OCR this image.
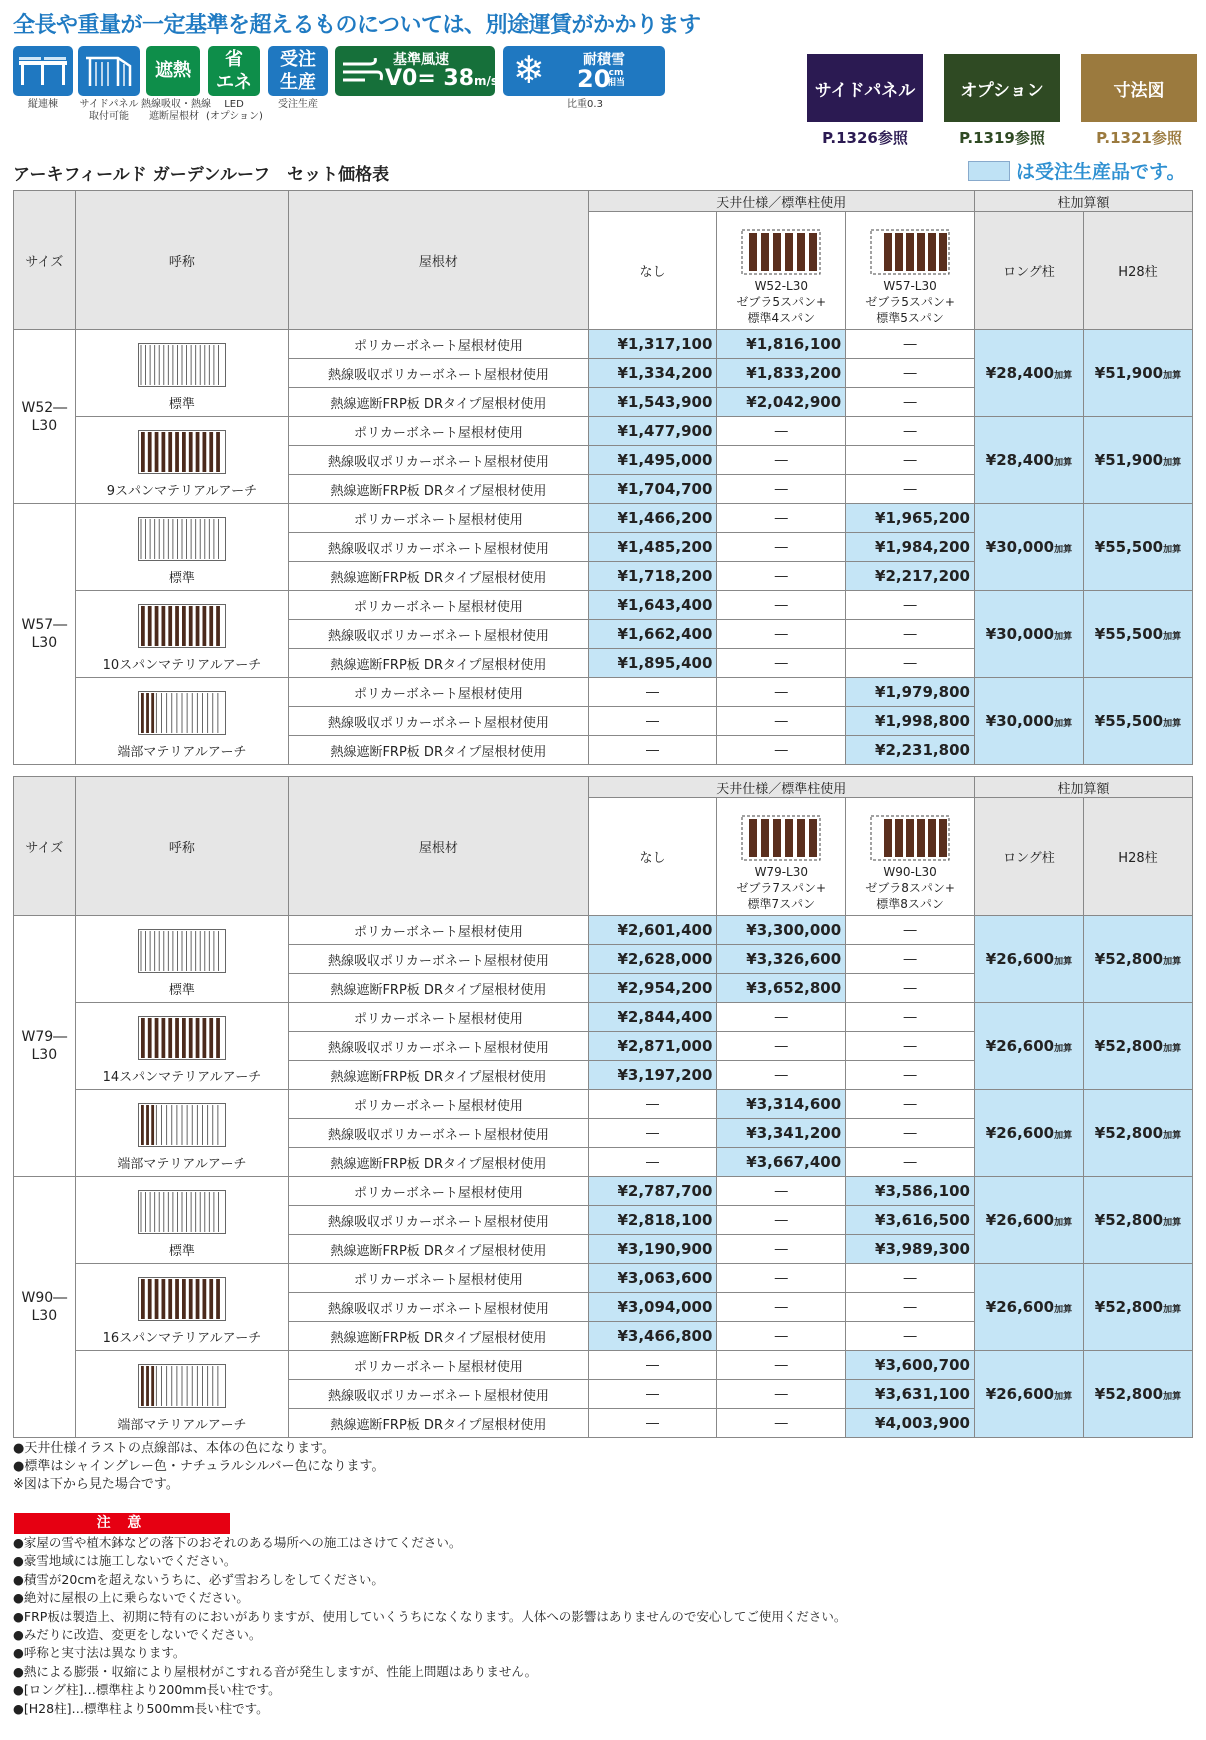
全長や重量が一定基準を超えるものについては、別途運賃がかかります
縦連棟	サイドパネル
取付可能
遮熱
熱線吸収・熱線
遮断屋根材
省
エネ
LED
(オプション)
受注
生産
受注生産
基準風速
V0= 38m/s ❄	耐積雪
20
cm
相当
比重0.3
サイドパネル
P.1326参照
オプション
P.1319参照
寸法図
P.1321参照
アーキフィールド ガーデンルーフ　セット価格表	は受注生産品です。
サイズ	呼称	屋根材	天井仕様／標準柱使用			柱加算額	
			なし	W52-L30
ゼブラ5スパン+
標準4スパン	W57-L30
ゼブラ5スパン+
標準5スパン	ロング柱	H28柱
W52―
L30	標準	ポリカーボネート屋根材使用	¥1,317,100	¥1,816,100	―	¥28,400加算	¥51,900加算
		熱線吸収ポリカーボネート屋根材使用	¥1,334,200	¥1,833,200	―		
		熱線遮断FRP板 DRタイプ屋根材使用	¥1,543,900	¥2,042,900	―		

9スパンマテリアルアーチ	ポリカーボネート屋根材使用	¥1,477,900	―	―	¥28,400加算	¥51,900加算
		熱線吸収ポリカーボネート屋根材使用	¥1,495,000	―	―		
		熱線遮断FRP板 DRタイプ屋根材使用	¥1,704,700	―	―		
W57―
L30	標準	ポリカーボネート屋根材使用	¥1,466,200	―	¥1,965,200	¥30,000加算	¥55,500加算
		熱線吸収ポリカーボネート屋根材使用	¥1,485,200	―	¥1,984,200		
		熱線遮断FRP板 DRタイプ屋根材使用	¥1,718,200	―	¥2,217,200		

10スパンマテリアルアーチ	ポリカーボネート屋根材使用	¥1,643,400	―	―	¥30,000加算	¥55,500加算
		熱線吸収ポリカーボネート屋根材使用	¥1,662,400	―	―		
		熱線遮断FRP板 DRタイプ屋根材使用	¥1,895,400	―	―		

端部マテリアルアーチ	ポリカーボネート屋根材使用	―	―	¥1,979,800	¥30,000加算	¥55,500加算
		熱線吸収ポリカーボネート屋根材使用	―	―	¥1,998,800		
		熱線遮断FRP板 DRタイプ屋根材使用	―	―	¥2,231,800		
サイズ	呼称	屋根材	天井仕様／標準柱使用			柱加算額	
			なし	W79-L30
ゼブラ7スパン+
標準7スパン	W90-L30
ゼブラ8スパン+
標準8スパン	ロング柱	H28柱
W79―
L30	標準	ポリカーボネート屋根材使用	¥2,601,400	¥3,300,000	―	¥26,600加算	¥52,800加算
		熱線吸収ポリカーボネート屋根材使用	¥2,628,000	¥3,326,600	―		
		熱線遮断FRP板 DRタイプ屋根材使用	¥2,954,200	¥3,652,800	―		

14スパンマテリアルアーチ	ポリカーボネート屋根材使用	¥2,844,400	―	―	¥26,600加算	¥52,800加算
		熱線吸収ポリカーボネート屋根材使用	¥2,871,000	―	―		
		熱線遮断FRP板 DRタイプ屋根材使用	¥3,197,200	―	―		

端部マテリアルアーチ	ポリカーボネート屋根材使用	―	¥3,314,600	―	¥26,600加算	¥52,800加算
		熱線吸収ポリカーボネート屋根材使用	―	¥3,341,200	―		
		熱線遮断FRP板 DRタイプ屋根材使用	―	¥3,667,400	―		
W90―
L30	標準	ポリカーボネート屋根材使用	¥2,787,700	―	¥3,586,100	¥26,600加算	¥52,800加算
		熱線吸収ポリカーボネート屋根材使用	¥2,818,100	―	¥3,616,500		
		熱線遮断FRP板 DRタイプ屋根材使用	¥3,190,900	―	¥3,989,300		

16スパンマテリアルアーチ	ポリカーボネート屋根材使用	¥3,063,600	―	―	¥26,600加算	¥52,800加算
		熱線吸収ポリカーボネート屋根材使用	¥3,094,000	―	―		
		熱線遮断FRP板 DRタイプ屋根材使用	¥3,466,800	―	―		

端部マテリアルアーチ	ポリカーボネート屋根材使用	―	―	¥3,600,700	¥26,600加算	¥52,800加算
		熱線吸収ポリカーボネート屋根材使用	―	―	¥3,631,100		
		熱線遮断FRP板 DRタイプ屋根材使用	―	―	¥4,003,900		
●天井仕様イラストの点線部は、本体の色になります。
●標準はシャイングレー色・ナチュラルシルバー色になります。
※図は下から見た場合です。
注 意
●家屋の雪や植木鉢などの落下のおそれのある場所への施工はさけてください。
●豪雪地域には施工しないでください。
●積雪が20cmを超えないうちに、必ず雪おろしをしてください。
●絶対に屋根の上に乗らないでください。
●FRP板は製造上、初期に特有のにおいがありますが、使用していくうちになくなります。人体への影響はありませんので安心してご使用ください。
●みだりに改造、変更をしないでください。
●呼称と実寸法は異なります。
●熱による膨張・収縮により屋根材がこすれる音が発生しますが、性能上問題はありません。
●[ロング柱]…標準柱より200mm長い柱です。
●[H28柱]…標準柱より500mm長い柱です。
